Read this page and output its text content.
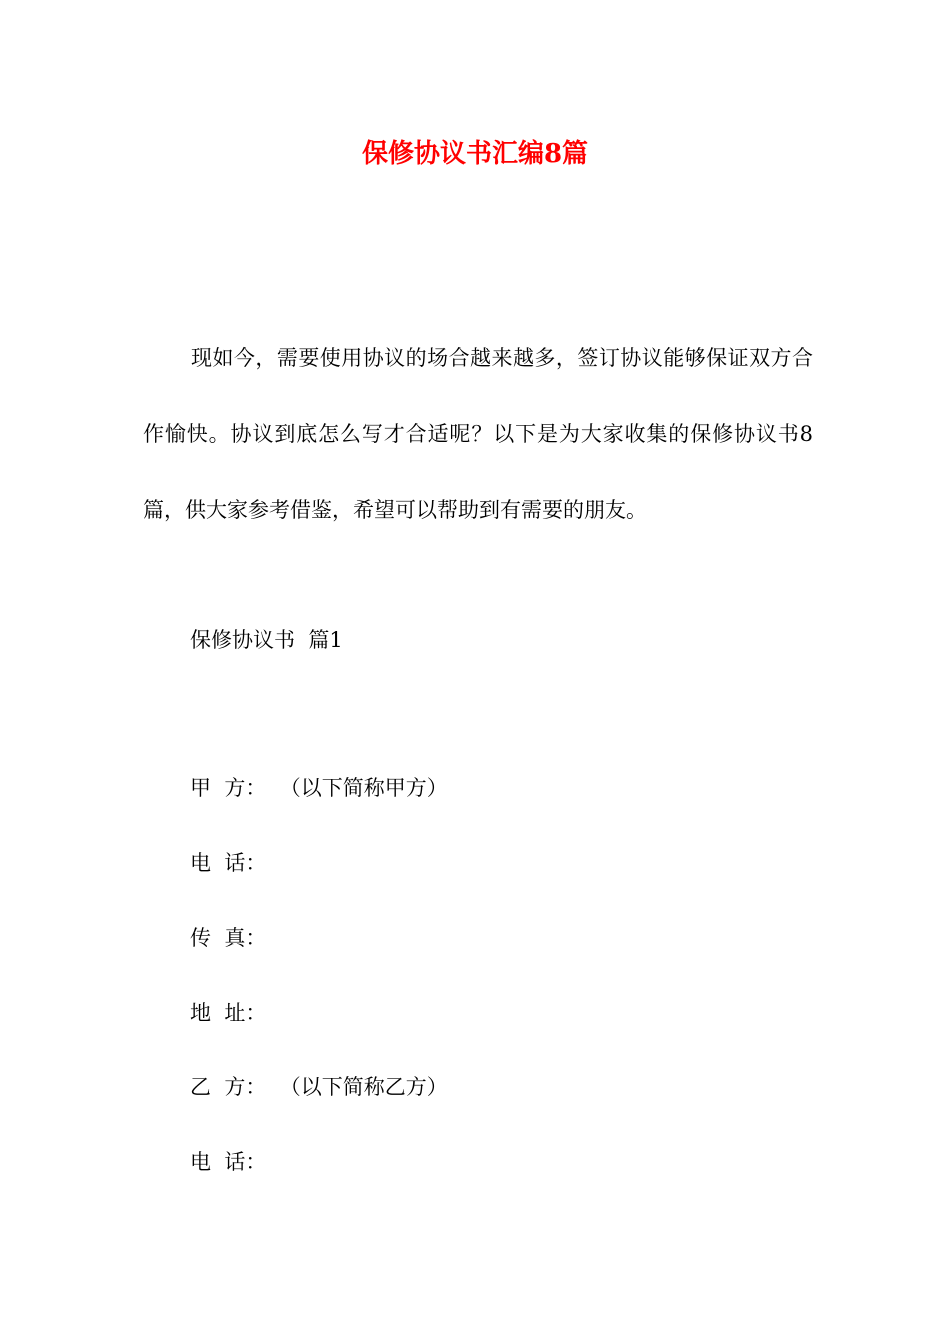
保修协议书汇编8篇

现如今，需要使用协议的场合越来越多，签订协议能够保证双方合作愉快。协议到底怎么写才合适呢？以下是为大家收集的保修协议书8篇，供大家参考借鉴，希望可以帮助到有需要的朋友。

保修协议书  篇1

甲  方：  （以下简称甲方）

电  话：

传  真：

地  址：

乙  方：  （以下简称乙方）

电  话：
